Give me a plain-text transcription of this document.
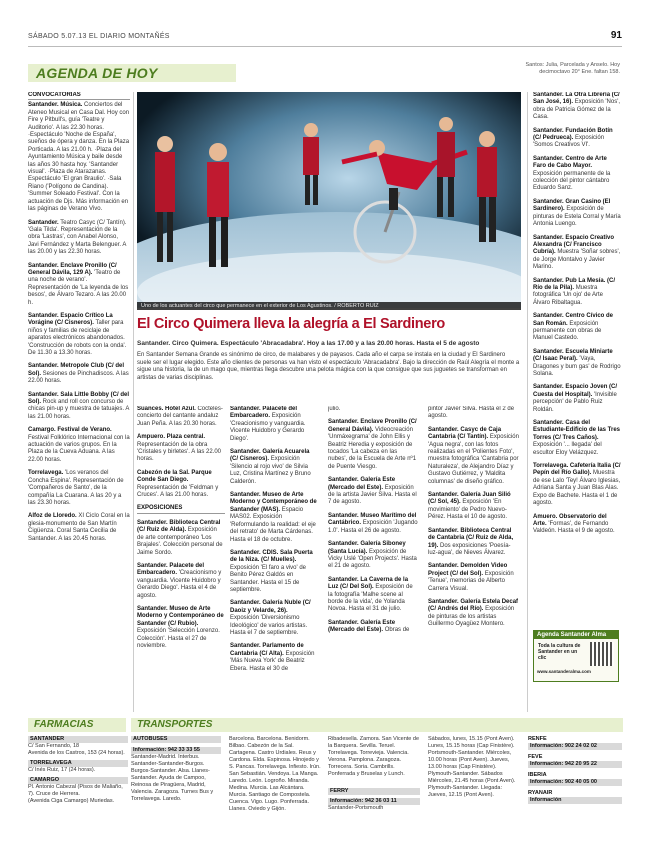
SÁBADO 5.07.13 EL DIARIO MONTAÑÉS	91
AGENDA DE HOY	Santos: Julia, Parcelada y Anselo. Hoy decimoctavo 20° Ene. faltan 158.
Uno de los actuantes del circo que permanece en el exterior de Los Agustinos. / ROBERTO RUIZ
El Circo Quimera lleva la alegría a El Sardinero
Santander. Circo Quimera. Espectáculo 'Abracadabra'. Hoy a las 17.00 y a las 20.00 horas. Hasta el 5 de agosto
En Santander Semana Grande es sinónimo de circo, de malabares y de payasos. Cada año el carpa se instala en la ciudad y El Sardinero suele ser el lugar elegido. Este año clientes de personas va han visto el espectáculo 'Abracadabra'. Bajo la dirección de Raúl Alegría el monte a sigue una historia, la de un mago que, mientras llega descubre una pelota mágica con la que consigue que sus juguetes se transforman en artistas de varias disciplinas.
CONVOCATORIAS
Santander. Música. Conciertos del Ateneo Musical en Casa Dal. Hoy con Fire y Pitbull's, guía 'Teatre y Auditorio'. A las 22.30 horas. ·Espectáculo 'Noche de España', sueños de ópera y danza. En la Plaza Porticada. A las 21.00 h. ·Plaza del Ayuntamiento Música y baile desde las años 30 hasta hoy. 'Santander visual'. ·Plaza de Atarazanas. Espectáculo 'El gran Braulio'. ·Sala Riano ('Polígono de Candina). 'Summer Soleado Festival'. Con la actuación de Djs. Más información en las páginas de Verano Vivo.
Santander. Teatro Casyc (C/ Tantín). 'Gala Tilda'. Representación de la obra 'Lastras', con Anabel Alonso, Javi Fernández y Marta Belenguer. A las 20.00 y las 22.30 horas.
Santander. Enclave Pronillo (C/ General Dávila, 129 A). 'Teatro de una noche de verano'. Representación de 'La leyenda de los besos', de Álvaro Tezaro. A las 20.00 h.
Santander. Espacio Crítico La Vorágine (C/ Cisneros). Taller para niños y familias de reciclaje de aparatos electrónicos abandonados. 'Construcción de robots con la onda'. De 11.30 a 13.30 horas.
Santander. Metropole Club (C/ del Sol). Sesiones de Pinchadiscos. A las 22.00 horas.
Santander. Sala Little Bobby (C/ del Sol). Rock and roll con concurso de chicas pin-up y muestra de tatuajes. A las 21.00 horas.
Camargo. Festival de Verano. Festival Folklórico Internacional con la actuación de varios grupos. En la Plaza de la Cueva Aduana. A las 22.00 horas.
Torrelavega. 'Los veranos del Concha Espina'. Representación de 'Compañeros de Santo', de la compañía La Cuarana. A las 20 y a las 23.30 horas.
Alfoz de Lloredo. XI Ciclo Coral en la glesia-monumento de San Martín Cigüenza. Coral Santa Cecilia de Santander. A las 20.45 horas.
Suances. Hotel Azul. Cocteles-concierto del cantante andaluz Juan Peña. A las 20.30 horas.
Ampuero. Plaza central. Representación de la obra 'Cristales y birletes'. A las 22.00 horas.
Cabezón de la Sal. Parque Conde San Diego. Representación de 'Feldman y Cruces'. A las 21.00 horas.
EXPOSICIONES
Santander. Biblioteca Central (C/ Ruiz de Alda). Exposición de arte contemporáneo 'Los Brajales'. Colección personal de Jaime Sordo.
Santander. Palacete del Embarcadero. 'Creacionismo y vanguardia. Vicente Huidobro y Gerardo Diego'. Hasta el 4 de agosto.
Santander. Museo de Arte Moderno y Contemporáneo de Santander (C/ Rubio). Exposición 'Selección Lorenzo. Colección'. Hasta el 27 de noviembre.
Santander. Palacete del Embarcadero. Exposición 'Creacionismo y vanguardia. Vicente Huidobro y Gerardo Diego'.
Santander. Galería Acuarela (C/ Cisneros). Exposición 'Silencio al rojo vivo' de Silvia Luz, Cristina Martínez y Bruno Calderón.
Santander. Museo de Arte Moderno y Contemporáneo de Santander (MAS). Espacio MAS02. Exposición 'Reformulando la realidad: el eje del retrato' de Marta Cárdenas. Hasta el 18 de octubre.
Santander. CDIS. Sala Puerta de la Niza. (C/ Muelles). Exposición 'El faro a vivo' de Benito Pérez Galdós en Santander. Hasta el 15 de septiembre.
Santander. Galería Nuble (C/ Daoiz y Velarde, 26). Exposición 'Diversionismo Ideológico' de varios artistas. Hasta el 7 de septiembre.
Santander. Parlamento de Cantabria (C/ Alta). Exposición 'Más Nueva York' de Beatriz Ebera. Hasta el 30 de
julio.
Santander. Enclave Pronillo (C/ General Dávila). Videocreación 'Unmáxegrama' de John Ellis y Beatriz Heredia y exposición de tocados 'La cabeza en las nubes', de la Escuela de Arte nº1 de Puente Viesgo.
Santander. Galería Este (Mercado del Este). Exposición de la artista Javier Silva. Hasta el 7 de agosto.
Santander. Museo Marítimo del Cantábrico. Exposición 'Jugando 1.0'. Hasta el 26 de agosto.
Santander. Galería Siboney (Santa Lucía). Exposición de Vicky Uslé 'Open Projects'. Hasta el 21 de agosto.
Santander. La Caverna de la Luz (C/ Del Sol). Exposición de la fotografía 'Malhe scene al borde de la vida', de Yolanda Novoa. Hasta el 31 de julio.
Santander. Galería Este (Mercado del Este). Obras de
pintor Javier Silva. Hasta el 2 de agosto.
Santander. Casyc de Caja Cantabria (C/ Tantín). Exposición 'Agua negra', con las fotos realizadas en el 'Polientes Foto', muestra fotográfica 'Cantabria por Naturaleza', de Alejandro Díaz y Gustavo Gutiérrez, y 'Maldita columnas' de diseño gráfico.
Santander. Galería Juan Silió (C/ Sol, 45). Exposición 'En movimiento' de Pedro Nuevo-Pérez. Hasta el 10 de agosto.
Santander. Biblioteca Central de Cantabria (C/ Ruiz de Alda, 19). Dos exposiciones 'Poesía-luz-agua', de Nieves Álvarez.
Santander. Demolden Video Project (C/ del Sol). Exposición 'Tenue', memorias de Alberto Carrera Visual.
Santander. Galería Estela Decaf (C/ Andrés del Río). Exposición de pinturas de los artistas Guillermo Oyagüez Montero.
Santander. La Otra Librería (C/ San José, 16). Exposición 'Nos', obra de Patricia Gómez de la Casa.
Santander. Fundación Botín (C/ Pedrueca). Exposición 'Somos Creativos VI'.
Santander. Centro de Arte Faro de Cabo Mayor. Exposición permanente de la colección del pintor cántabro Eduardo Sanz.
Santander. Gran Casino (El Sardinero). Exposición de pinturas de Estela Corral y María Antonia Luengo.
Santander. Espacio Creativo Alexandra (C/ Francisco Cubría). Muestra 'Soñar sobres', de Jorge Montalvo y Javier Marino.
Santander. Pub La Mesía. (C/ Río de la Pila). Muestra fotográfica 'Un ojo' de Arte Álvaro Ribaltagua.
Santander. Centro Cívico de San Román. Exposición permanente con obras de Manuel Castedo.
Santander. Escuela Miniarte (C/ Isaac Peral). 'Vaya, Dragones y bum gas' de Rodrigo Solana.
Santander. Espacio Joven (C/ Cuesta del Hospital). 'Invisible percepción' de Pablo Ruiz Roldán.
Santander. Casa del Estudiante-Edificio de las Tres Torres (C/ Tres Caños). Exposición '... llegada' del escultor Eloy Velázquez.
Torrelavega. Cafetería Italia (C/ Pepín del Río Gallo). Muestra de ese Lalo 'Tey! Álvaro Iglesias, Adriana Santa y Juan Blas Alas. Expo de Bachete. Hasta el 1 de agosto.
Amuero. Observatorio del Arte. 'Formas', de Fernando Valdeón. Hasta el 9 de agosto.
Agenda Santander Alma
Toda la cultura de Santander en un clic
www.santanderalma.com
FARMACIAS
SANTANDER
C/ San Fernando, 18
Avenida de los Castros, 153 (24 horas).
TORRELAVEGA
C/ Inés Ruiz, 17 (24 horas).
CAMARGO
Pl. Antonio Cabezal (Pisos de Maliaño, 7). Cruce de Herrera.
(Avenida Ciga Camargo) Muriedas.
TRANSPORTES
AUTOBUSES
Información: 942 33 33 55
Santander-Madrid. Interbus. Santander-Santander-Burgos. Burgos-Santander. Alsa. Llanes-Santander. Ayuda de Campoo, Reinosa de Piragüera, Madrid, Valencia. Zaragoza. Turnes Bus y Torrelavega. Laredo.
Barcelona. Barcelona. Benidorm. Bilbao. Cabezón de la Sal. Cartagena. Castro Urdiales. Reus y Cardona. Elda. Espinosa. Hinojedo y S. Pancas. Torrelavega. Infiesto. Irún. San Sebastián. Vendoya. La Manga. Laredo. León. Logroño. Miranda. Medina. Murcia. Las Alcántara. Murcia. Santiago de Compostela. Cuenca. Vigo. Lugo. Ponferrada. Llanes. Oviedo y Gijón.
Ribadesella. Zamora. San Vicente de la Barquera. Sevilla. Teruel. Torrelavega. Torrevieja. Valencia. Verona. Pamplona. Zaragoza. Torrecera. Soria. Cambrills. Ponferrada y Bruselas y Lunch.
FERRY
Información: 942 36 03 11
Santander-Portsmouth
Sábados, lunes, 15.15 (Pont Aven). Lunes, 15.15 horas (Cap Finistère). Portsmouth-Santander. Miércoles, 10.00 horas (Pont Aven). Jueves, 13.00 horas (Cap Finistère). Plymouth-Santander. Sábados Miércoles, 21.45 horas (Pont Aven). Plymouth-Santander. Llegada: Jueves, 12.15 (Pont Aven).
RENFE
Información: 902 24 02 02
FEVE
Información: 942 20 95 22
IBERIA
Información: 902 40 05 00
RYANAIR
Información
